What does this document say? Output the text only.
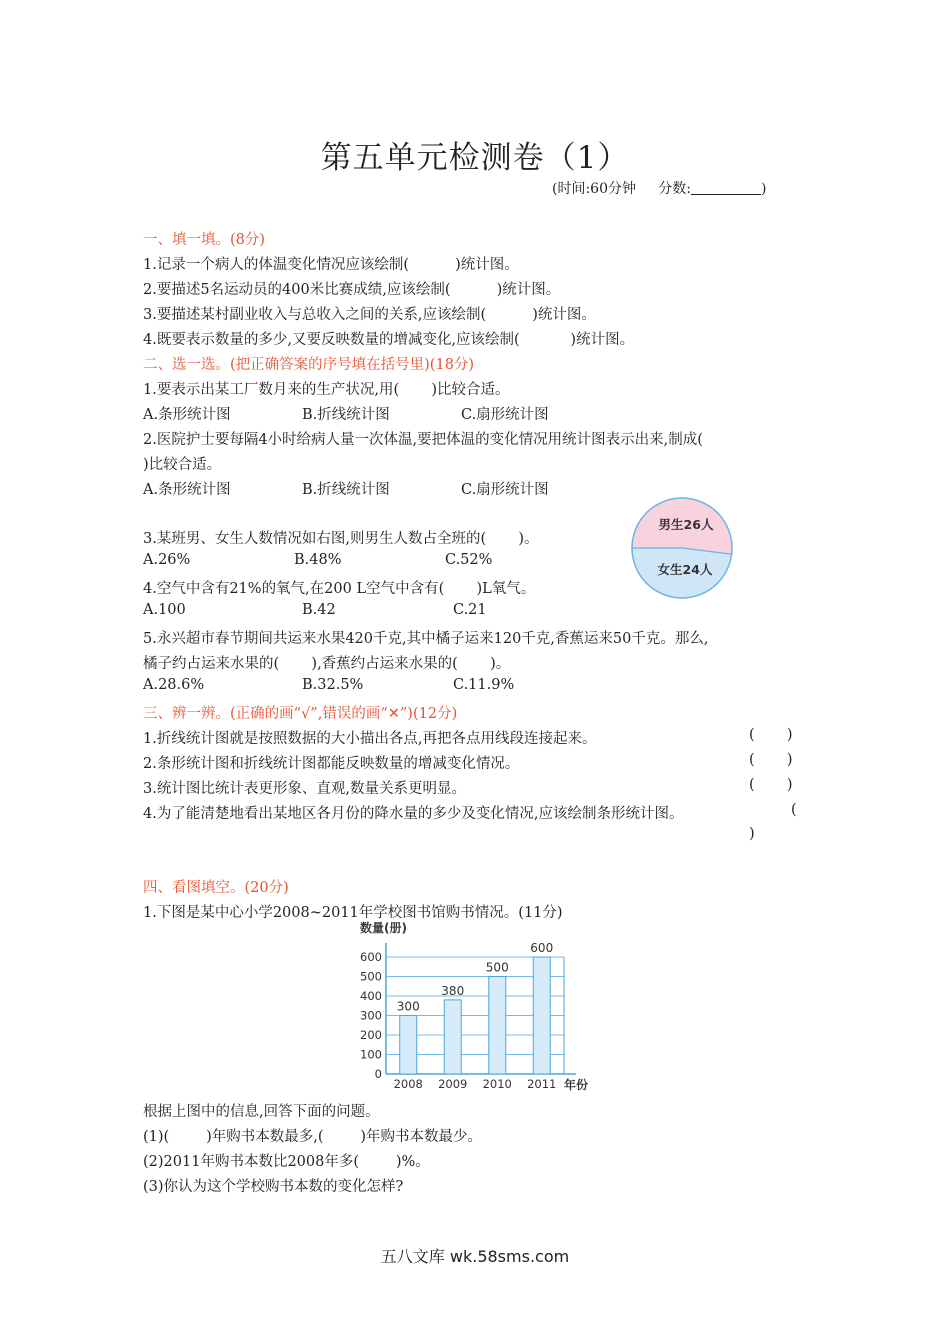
第五单元检测卷（1）
(时间:60分钟 分数:	)
一、填一填。(8分)
1.记录一个病人的体温变化情况应该绘制(          )统计图。
2.要描述5名运动员的400米比赛成绩,应该绘制(          )统计图。
3.要描述某村副业收入与总收入之间的关系,应该绘制(          )统计图。
4.既要表示数量的多少,又要反映数量的增减变化,应该绘制(           )统计图。
二、选一选。(把正确答案的序号填在括号里)(18分)
1.要表示出某工厂数月来的生产状况,用(       )比较合适。
A.条形统计图	B.折线统计图	C.扇形统计图
2.医院护士要每隔4小时给病人量一次体温,要把体温的变化情况用统计图表示出来,制成(
)比较合适。
A.条形统计图	B.折线统计图	C.扇形统计图
3.某班男、女生人数情况如右图,则男生人数占全班的(       )。
A.26%	B.48%	C.52%
4.空气中含有21%的氧气,在200 L空气中含有(       )L氧气。
A.100	B.42	C.21
5.永兴超市春节期间共运来水果420千克,其中橘子运来120千克,香蕉运来50千克。那么,
橘子约占运来水果的(       ),香蕉约占运来水果的(       )。
A.28.6%	B.32.5%	C.11.9%
男生26人
女生24人
三、辨一辨。(正确的画“√”,错误的画“✕”)(12分)
1.折线统计图就是按照数据的大小描出各点,再把各点用线段连接起来。	(       )
2.条形统计图和折线统计图都能反映数量的增减变化情况。	(       )
3.统计图比统计表更形象、直观,数量关系更明显。	(       )
4.为了能清楚地看出某地区各月份的降水量的多少及变化情况,应该绘制条形统计图。	(
)
四、看图填空。(20分)
1.下图是某中心小学2008~2011年学校图书馆购书情况。(11分)
300
380
500
600
0
100
200
300
400
500
600
2008 2009 2010 2011
数量(册)
年份
根据上图中的信息,回答下面的问题。
(1)(        )年购书本数最多,(        )年购书本数最少。
(2)2011年购书本数比2008年多(        )%。
(3)你认为这个学校购书本数的变化怎样?
五八文库 wk.58sms.com
